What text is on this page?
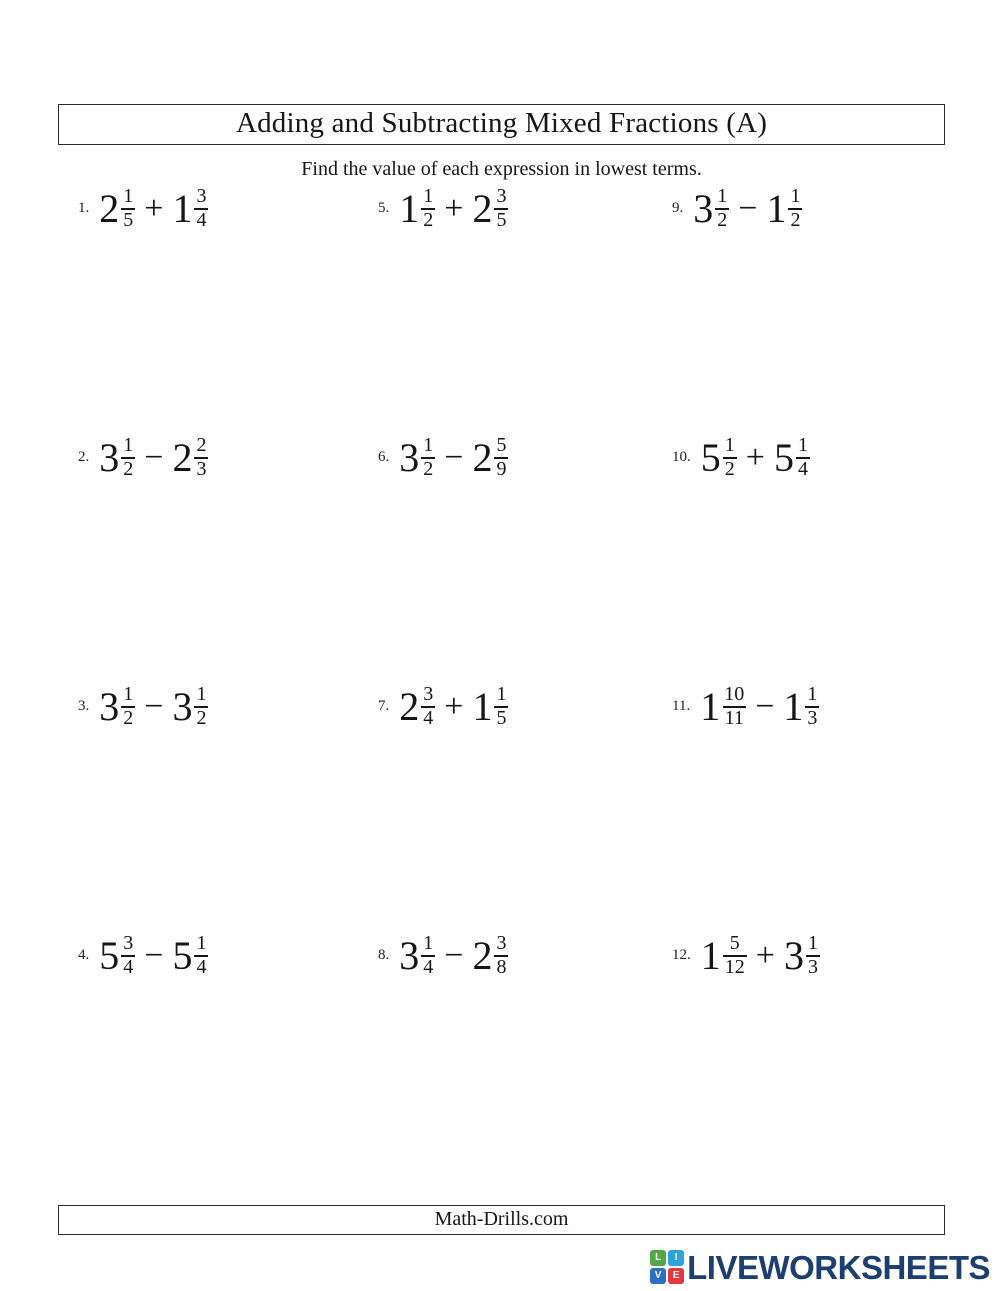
Adding and Subtracting Mixed Fractions (A)
Find the value of each expression in lowest terms.
1. $2 \frac{1}{5} + 1 \frac{3}{4}$	5. $1 \frac{1}{2} + 2 \frac{3}{5}$	9. $3 \frac{1}{2} - 1 \frac{1}{2}$
2. $3 \frac{1}{2} - 2 \frac{2}{3}$	6. $3 \frac{1}{2} - 2 \frac{5}{9}$	10. $5 \frac{1}{2} + 5 \frac{1}{4}$
3. $3 \frac{1}{2} - 3 \frac{1}{2}$	7. $2 \frac{3}{4} + 1 \frac{1}{5}$	11. $1 \frac{10}{11} - 1 \frac{1}{3}$
4. $5 \frac{3}{4} - 5 \frac{1}{4}$	8. $3 \frac{1}{4} - 2 \frac{3}{8}$	12. $1 \frac{5}{12} + 3 \frac{1}{3}$
Math-Drills.com
L	I
V	E LIVEWORKSHEETS
